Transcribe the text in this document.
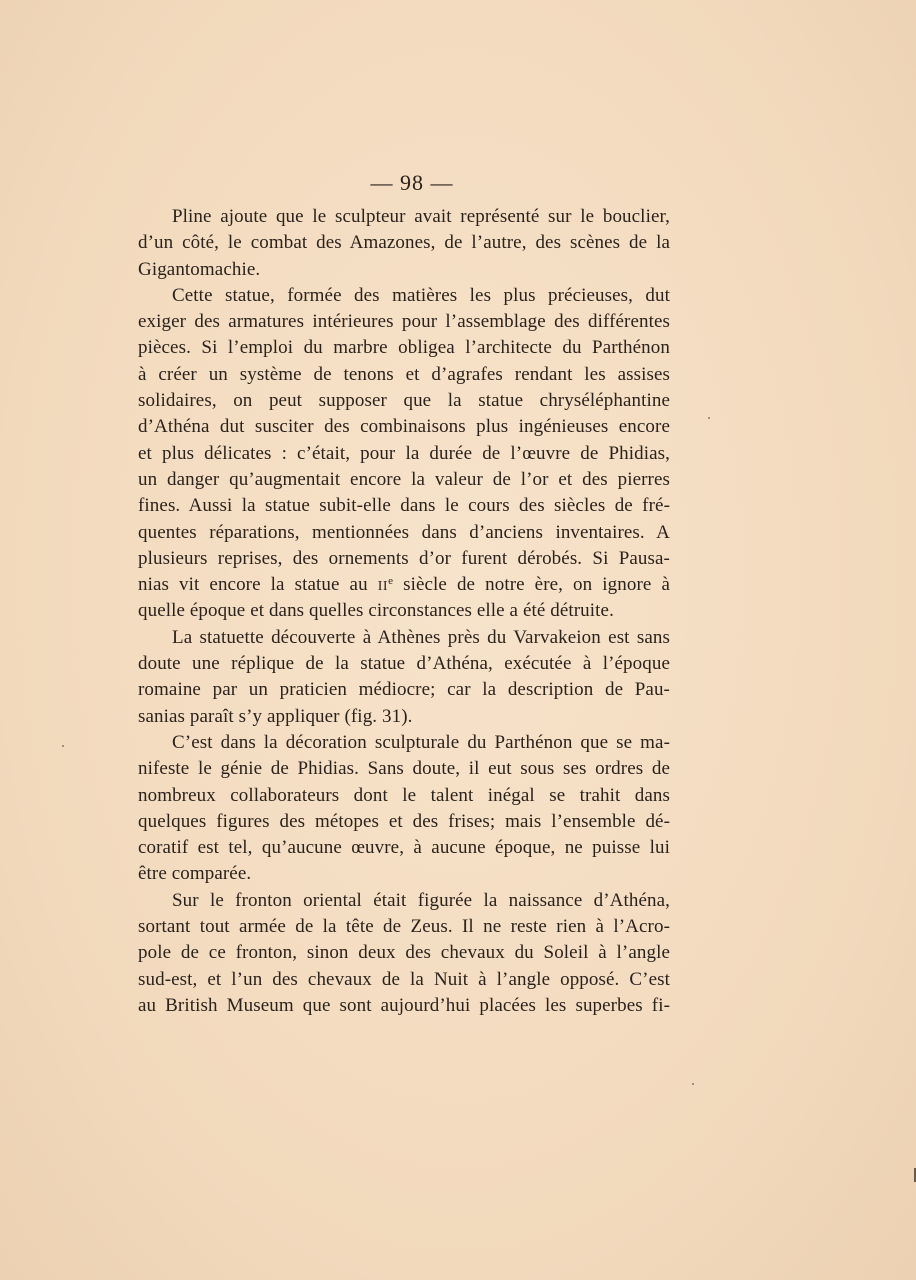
— 98 —
Pline ajoute que le sculpteur avait représenté sur le bouclier,
d’un côté, le combat des Amazones, de l’autre, des scènes de la
Gigantomachie.
Cette statue, formée des matières les plus précieuses, dut
exiger des armatures intérieures pour l’assemblage des différentes
pièces. Si l’emploi du marbre obligea l’architecte du Parthénon
à créer un système de tenons et d’agrafes rendant les assises
solidaires, on peut supposer que la statue chryséléphantine
d’Athéna dut susciter des combinaisons plus ingénieuses encore
et plus délicates : c’était, pour la durée de l’œuvre de Phidias,
un danger qu’augmentait encore la valeur de l’or et des pierres
fines. Aussi la statue subit-elle dans le cours des siècles de fré-
quentes réparations, mentionnées dans d’anciens inventaires. A
plusieurs reprises, des ornements d’or furent dérobés. Si Pausa-
nias vit encore la statue au IIe siècle de notre ère, on ignore à
quelle époque et dans quelles circonstances elle a été détruite.
La statuette découverte à Athènes près du Varvakeion est sans
doute une réplique de la statue d’Athéna, exécutée à l’époque
romaine par un praticien médiocre; car la description de Pau-
sanias paraît s’y appliquer (fig. 31).
C’est dans la décoration sculpturale du Parthénon que se ma-
nifeste le génie de Phidias. Sans doute, il eut sous ses ordres de
nombreux collaborateurs dont le talent inégal se trahit dans
quelques figures des métopes et des frises; mais l’ensemble dé-
coratif est tel, qu’aucune œuvre, à aucune époque, ne puisse lui
être comparée.
Sur le fronton oriental était figurée la naissance d’Athéna,
sortant tout armée de la tête de Zeus. Il ne reste rien à l’Acro-
pole de ce fronton, sinon deux des chevaux du Soleil à l’angle
sud-est, et l’un des chevaux de la Nuit à l’angle opposé. C’est
au British Museum que sont aujourd’hui placées les superbes fi-
